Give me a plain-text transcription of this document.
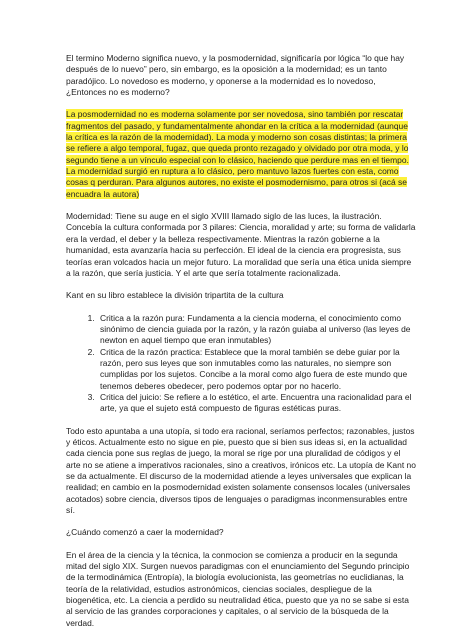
El termino Moderno significa nuevo, y la posmodernidad, significaría por lógica “lo que hay después de lo nuevo” pero, sin embargo, es la oposición a la modernidad; es un tanto paradójico. Lo novedoso es moderno, y oponerse a la modernidad es lo novedoso, ¿Entonces no es moderno?

La posmodernidad no es moderna solamente por ser novedosa, sino también por rescatar fragmentos del pasado, y fundamentalmente ahondar en la crítica a la modernidad (aunque la crítica es la razón de la modernidad). La moda y moderno son cosas distintas; la primera se refiere a algo temporal, fugaz, que queda pronto rezagado y olvidado por otra moda, y lo segundo tiene a un vínculo especial con lo clásico, haciendo que perdure mas en el tiempo. La modernidad surgió en ruptura a lo clásico, pero mantuvo lazos fuertes con esta, como cosas q perduran. Para algunos autores, no existe el posmodernismo, para otros si (acá se encuadra la autora)

Modernidad: Tiene su auge en el siglo XVIII llamado siglo de las luces, la ilustración. Concebía la cultura conformada por 3 pilares: Ciencia, moralidad y arte; su forma de validarla era la verdad, el deber y la belleza respectivamente. Mientras la razón gobierne a la humanidad, esta avanzaría hacia su perfección. El ideal de la ciencia era progresista, sus teorías eran volcados hacia un mejor futuro. La moralidad que sería una ética unida siempre a la razón, que sería justicia. Y el arte que sería totalmente racionalizada.

Kant en su libro establece la división tripartita de la cultura

1. Critica a la razón pura: Fundamenta a la ciencia moderna, el conocimiento como sinónimo de ciencia guiada por la razón, y la razón guiaba al universo (las leyes de newton en aquel tiempo que eran inmutables)
2. Critica de la razón practica: Establece que la moral también se debe guiar por la razón, pero sus leyes que son inmutables como las naturales, no siempre son cumplidas por los sujetos. Concibe a la moral como algo fuera de este mundo que tenemos deberes obedecer, pero podemos optar por no hacerlo.
3. Critica del juicio: Se refiere a lo estético, el arte. Encuentra una racionalidad para el arte, ya que el sujeto está compuesto de figuras estéticas puras.

Todo esto apuntaba a una utopía, si todo era racional, seríamos perfectos; razonables, justos y éticos. Actualmente esto no sigue en pie, puesto que si bien sus ideas si, en la actualidad cada ciencia pone sus reglas de juego, la moral se rige por una pluralidad de códigos y el arte no se atiene a imperativos racionales, sino a creativos, irónicos etc. La utopía de Kant no se da actualmente. El discurso de la modernidad atiende a leyes universales que explican la realidad; en cambio en la posmodernidad existen solamente consensos locales (universales acotados) sobre ciencia, diversos tipos de lenguajes o paradigmas inconmensurables entre sí.

¿Cuándo comenzó a caer la modernidad?

En el área de la ciencia y la técnica, la conmocion se comienza a producir en la segunda mitad del siglo XIX. Surgen nuevos paradigmas con el enunciamiento del Segundo principio de la termodinámica (Entropía), la biología evolucionista, las geometrías no euclidianas, la teoría de la relatividad, estudios astronómicos, ciencias sociales, despliegue de la biogenética, etc. La ciencia a perdido su neutralidad ética, puesto que ya no se sabe si esta al servicio de las grandes corporaciones y capitales, o al servicio de la búsqueda de la verdad.
